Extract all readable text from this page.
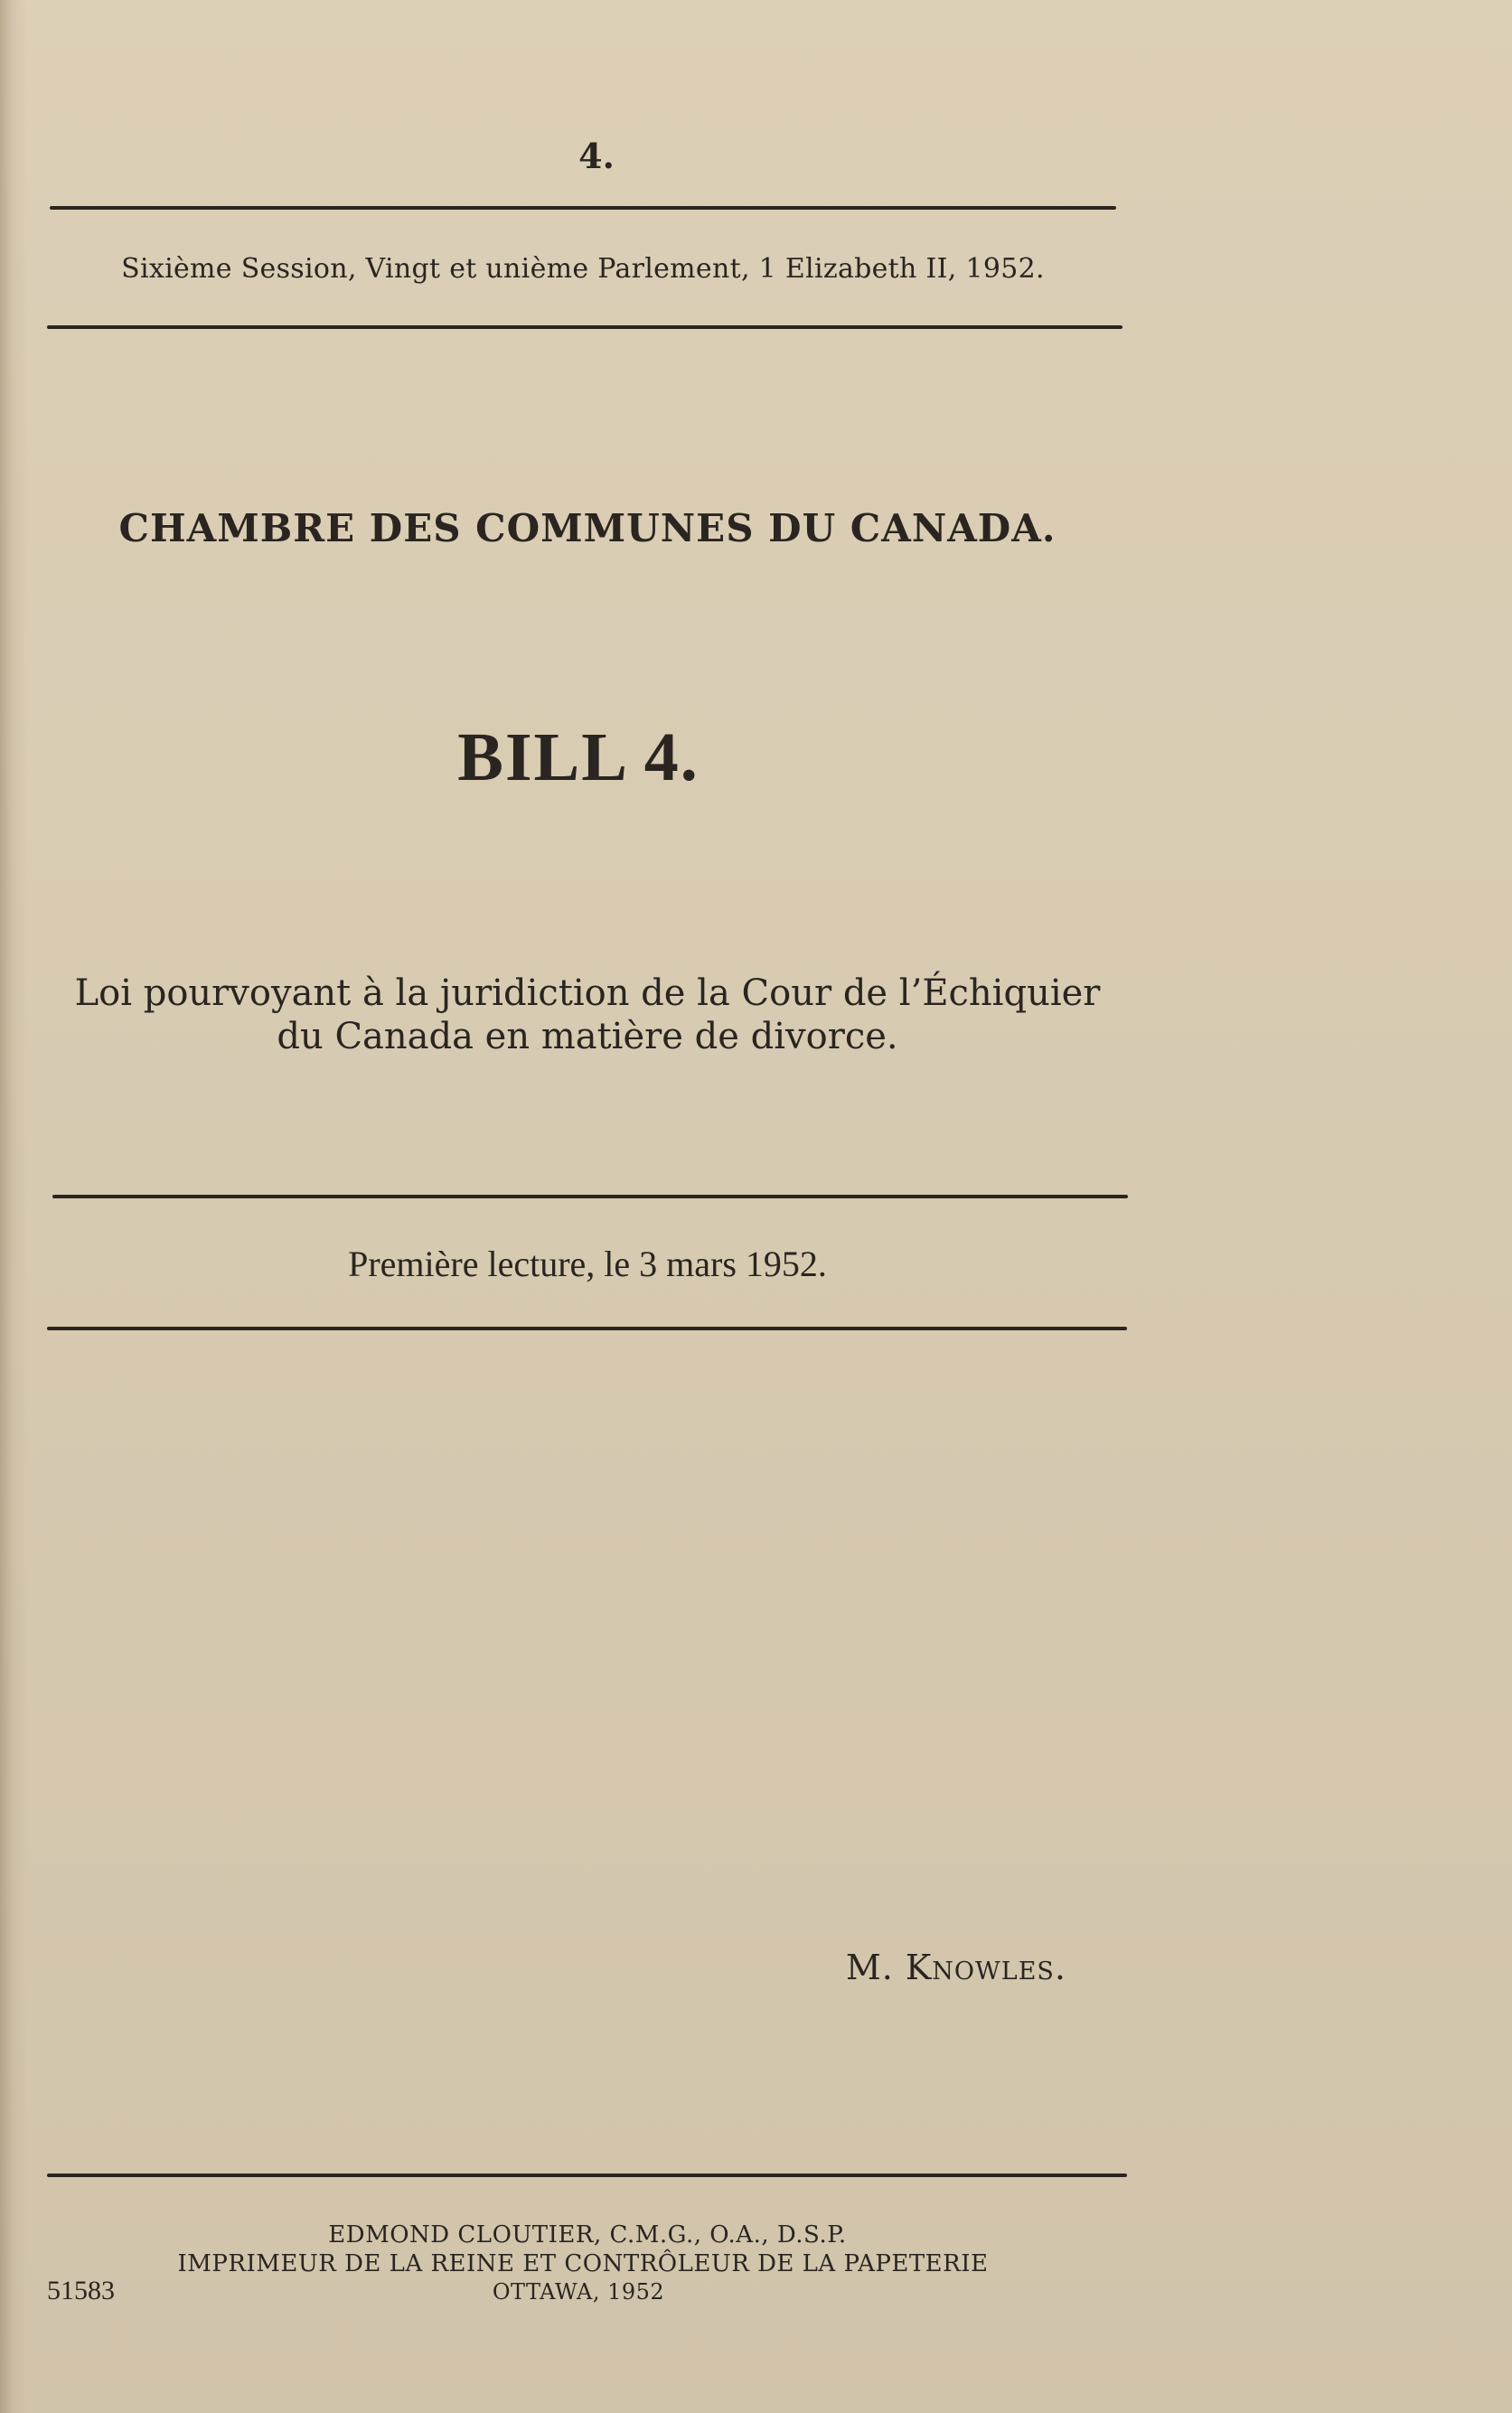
4.
Sixième Session, Vingt et unième Parlement, 1 Elizabeth II, 1952.
CHAMBRE DES COMMUNES DU CANADA.
BILL 4.
Loi pourvoyant à la juridiction de la Cour de l’Échiquier
du Canada en matière de divorce.
Première lecture, le 3 mars 1952.
M. Knowles.
EDMOND CLOUTIER, C.M.G., O.A., D.S.P.
IMPRIMEUR DE LA REINE ET CONTRÔLEUR DE LA PAPETERIE
OTTAWA, 1952
51583
